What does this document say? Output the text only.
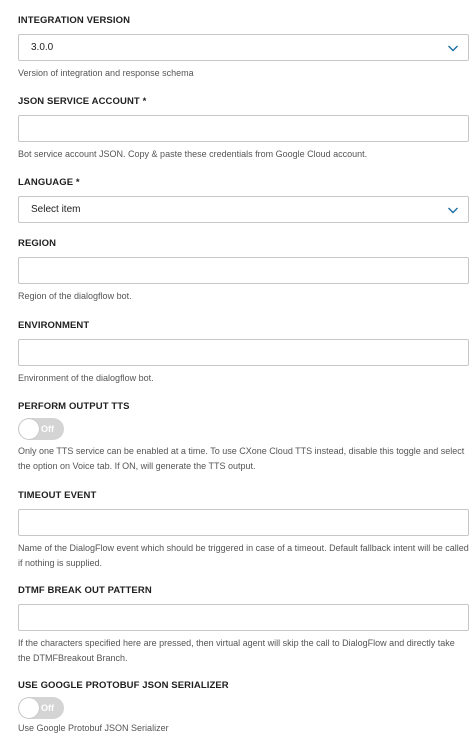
INTEGRATION VERSION
3.0.0
Version of integration and response schema
JSON SERVICE ACCOUNT *
Bot service account JSON. Copy & paste these credentials from Google Cloud account.
LANGUAGE *
Select item
REGION
Region of the dialogflow bot.
ENVIRONMENT
Environment of the dialogflow bot.
PERFORM OUTPUT TTS
Off
Only one TTS service can be enabled at a time. To use CXone Cloud TTS instead, disable this toggle and select the option on Voice tab. If ON, will generate the TTS output.
TIMEOUT EVENT
Name of the DialogFlow event which should be triggered in case of a timeout. Default fallback intent will be called if nothing is supplied.
DTMF BREAK OUT PATTERN
If the characters specified here are pressed, then virtual agent will skip the call to DialogFlow and directly take the DTMFBreakout Branch.
USE GOOGLE PROTOBUF JSON SERIALIZER
Off
Use Google Protobuf JSON Serializer
